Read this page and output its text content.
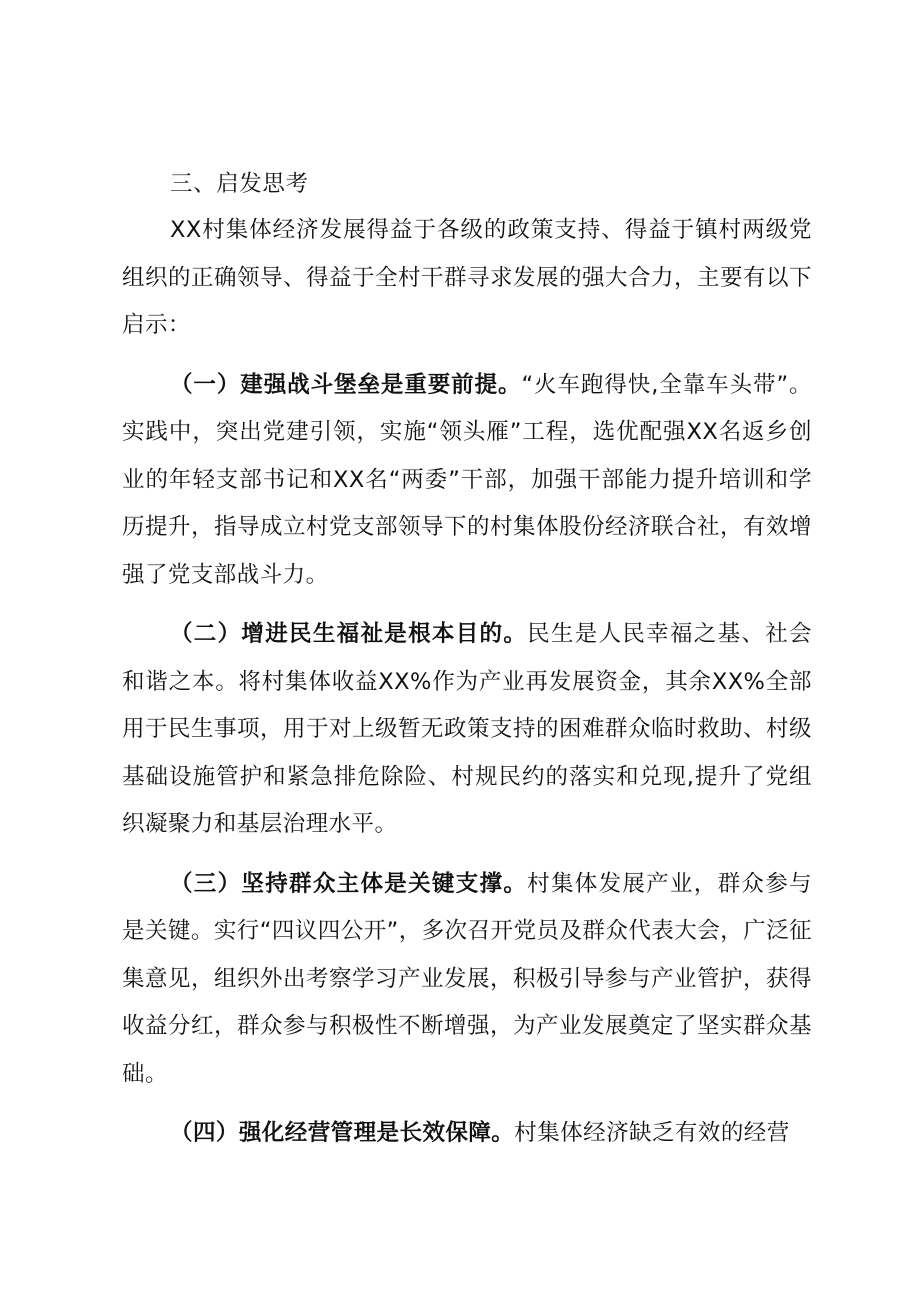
三、启发思考

XX村集体经济发展得益于各级的政策支持、得益于镇村两级党组织的正确领导、得益于全村干群寻求发展的强大合力，主要有以下启示：

（一）建强战斗堡垒是重要前提。“火车跑得快,全靠车头带”。实践中，突出党建引领，实施“领头雁”工程，选优配强XX名返乡创业的年轻支部书记和XX名“两委”干部，加强干部能力提升培训和学历提升，指导成立村党支部领导下的村集体股份经济联合社，有效增强了党支部战斗力。

（二）增进民生福祉是根本目的。民生是人民幸福之基、社会和谐之本。将村集体收益XX%作为产业再发展资金，其余XX%全部用于民生事项，用于对上级暂无政策支持的困难群众临时救助、村级基础设施管护和紧急排危除险、村规民约的落实和兑现,提升了党组织凝聚力和基层治理水平。

（三）坚持群众主体是关键支撑。村集体发展产业，群众参与是关键。实行“四议四公开”，多次召开党员及群众代表大会，广泛征集意见，组织外出考察学习产业发展，积极引导参与产业管护，获得收益分红，群众参与积极性不断增强，为产业发展奠定了坚实群众基础。

（四）强化经营管理是长效保障。村集体经济缺乏有效的经营
